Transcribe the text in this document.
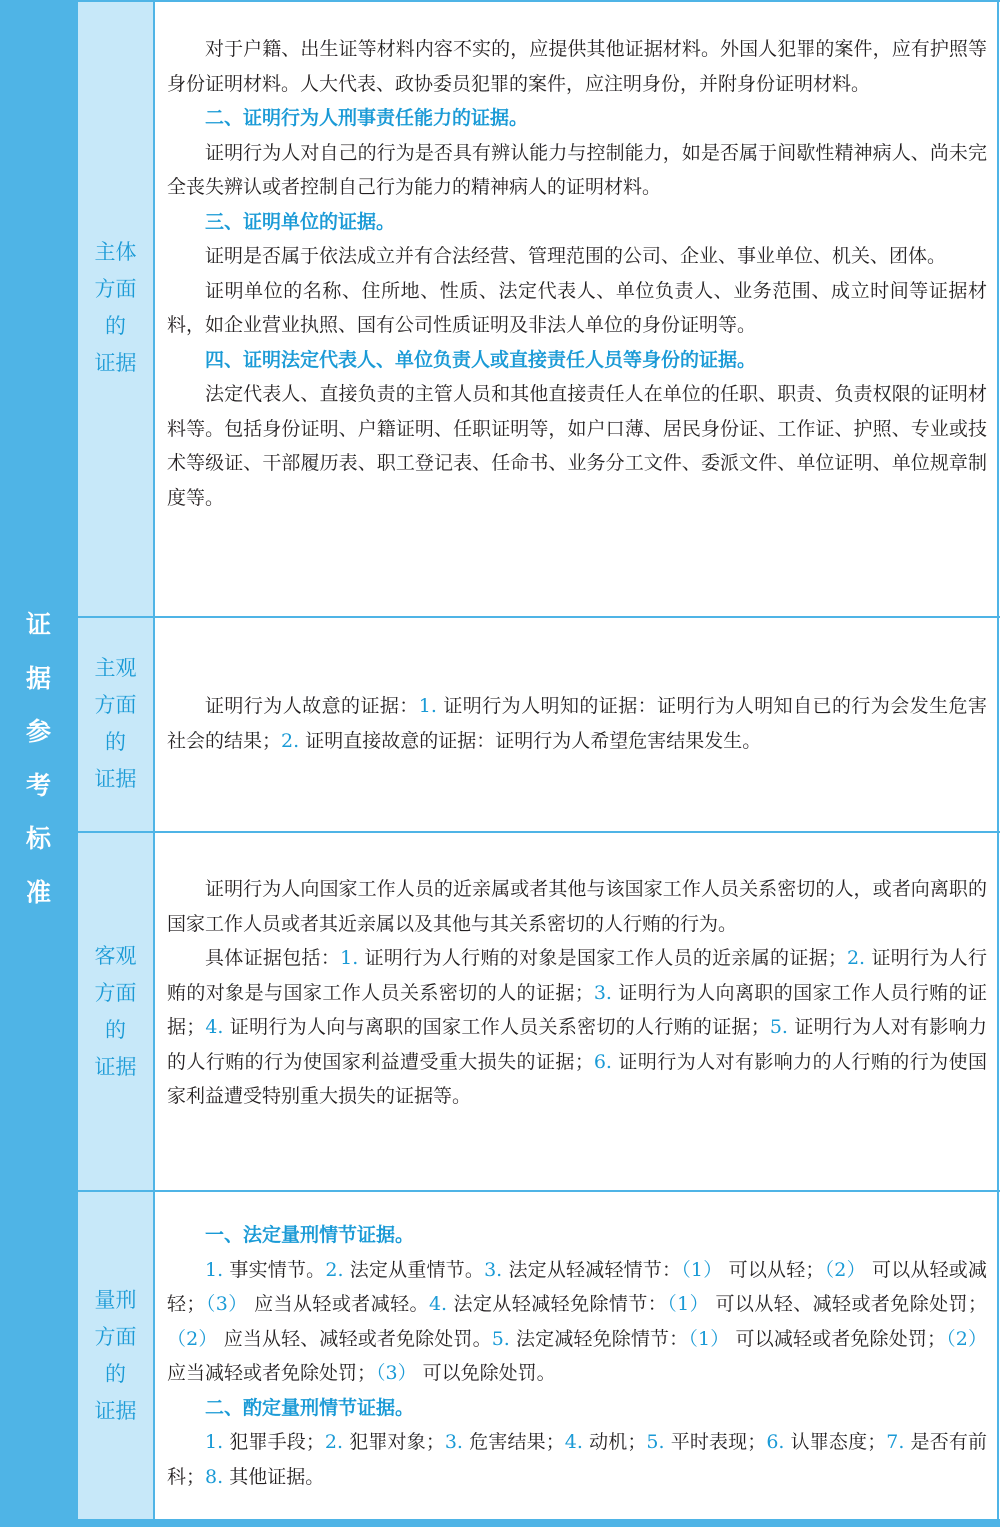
证
据
参
考
标
准
主体
方面
的
证据

对于户籍、出生证等材料内容不实的，应提供其他证据材料。外国人犯罪的案件，应有护照等身份证明材料。人大代表、政协委员犯罪的案件，应注明身份，并附身份证明材料。

二、证明行为人刑事责任能力的证据。

证明行为人对自己的行为是否具有辨认能力与控制能力，如是否属于间歇性精神病人、尚未完全丧失辨认或者控制自己行为能力的精神病人的证明材料。

三、证明单位的证据。

证明是否属于依法成立并有合法经营、管理范围的公司、企业、事业单位、机关、团体。

证明单位的名称、住所地、性质、法定代表人、单位负责人、业务范围、成立时间等证据材料，如企业营业执照、国有公司性质证明及非法人单位的身份证明等。

四、证明法定代表人、单位负责人或直接责任人员等身份的证据。

法定代表人、直接负责的主管人员和其他直接责任人在单位的任职、职责、负责权限的证明材料等。包括身份证明、户籍证明、任职证明等，如户口薄、居民身份证、工作证、护照、专业或技术等级证、干部履历表、职工登记表、任命书、业务分工文件、委派文件、单位证明、单位规章制度等。

主观
方面
的
证据

证明行为人故意的证据：1. 证明行为人明知的证据：证明行为人明知自已的行为会发生危害社会的结果；2. 证明直接故意的证据：证明行为人希望危害结果发生。

客观
方面
的
证据

证明行为人向国家工作人员的近亲属或者其他与该国家工作人员关系密切的人，或者向离职的国家工作人员或者其近亲属以及其他与其关系密切的人行贿的行为。

具体证据包括：1. 证明行为人行贿的对象是国家工作人员的近亲属的证据；2. 证明行为人行贿的对象是与国家工作人员关系密切的人的证据；3. 证明行为人向离职的国家工作人员行贿的证据；4. 证明行为人向与离职的国家工作人员关系密切的人行贿的证据；5. 证明行为人对有影响力的人行贿的行为使国家利益遭受重大损失的证据；6. 证明行为人对有影响力的人行贿的行为使国家利益遭受特别重大损失的证据等。

量刑
方面
的
证据

一、法定量刑情节证据。

1. 事实情节。2. 法定从重情节。3. 法定从轻减轻情节：（1） 可以从轻；（2） 可以从轻或减轻；（3） 应当从轻或者减轻。4. 法定从轻减轻免除情节：（1） 可以从轻、减轻或者免除处罚；（2） 应当从轻、减轻或者免除处罚。5. 法定减轻免除情节：（1） 可以减轻或者免除处罚；（2） 应当减轻或者免除处罚；（3） 可以免除处罚。

二、酌定量刑情节证据。

1. 犯罪手段；2. 犯罪对象；3. 危害结果；4. 动机；5. 平时表现；6. 认罪态度；7. 是否有前科；8. 其他证据。
